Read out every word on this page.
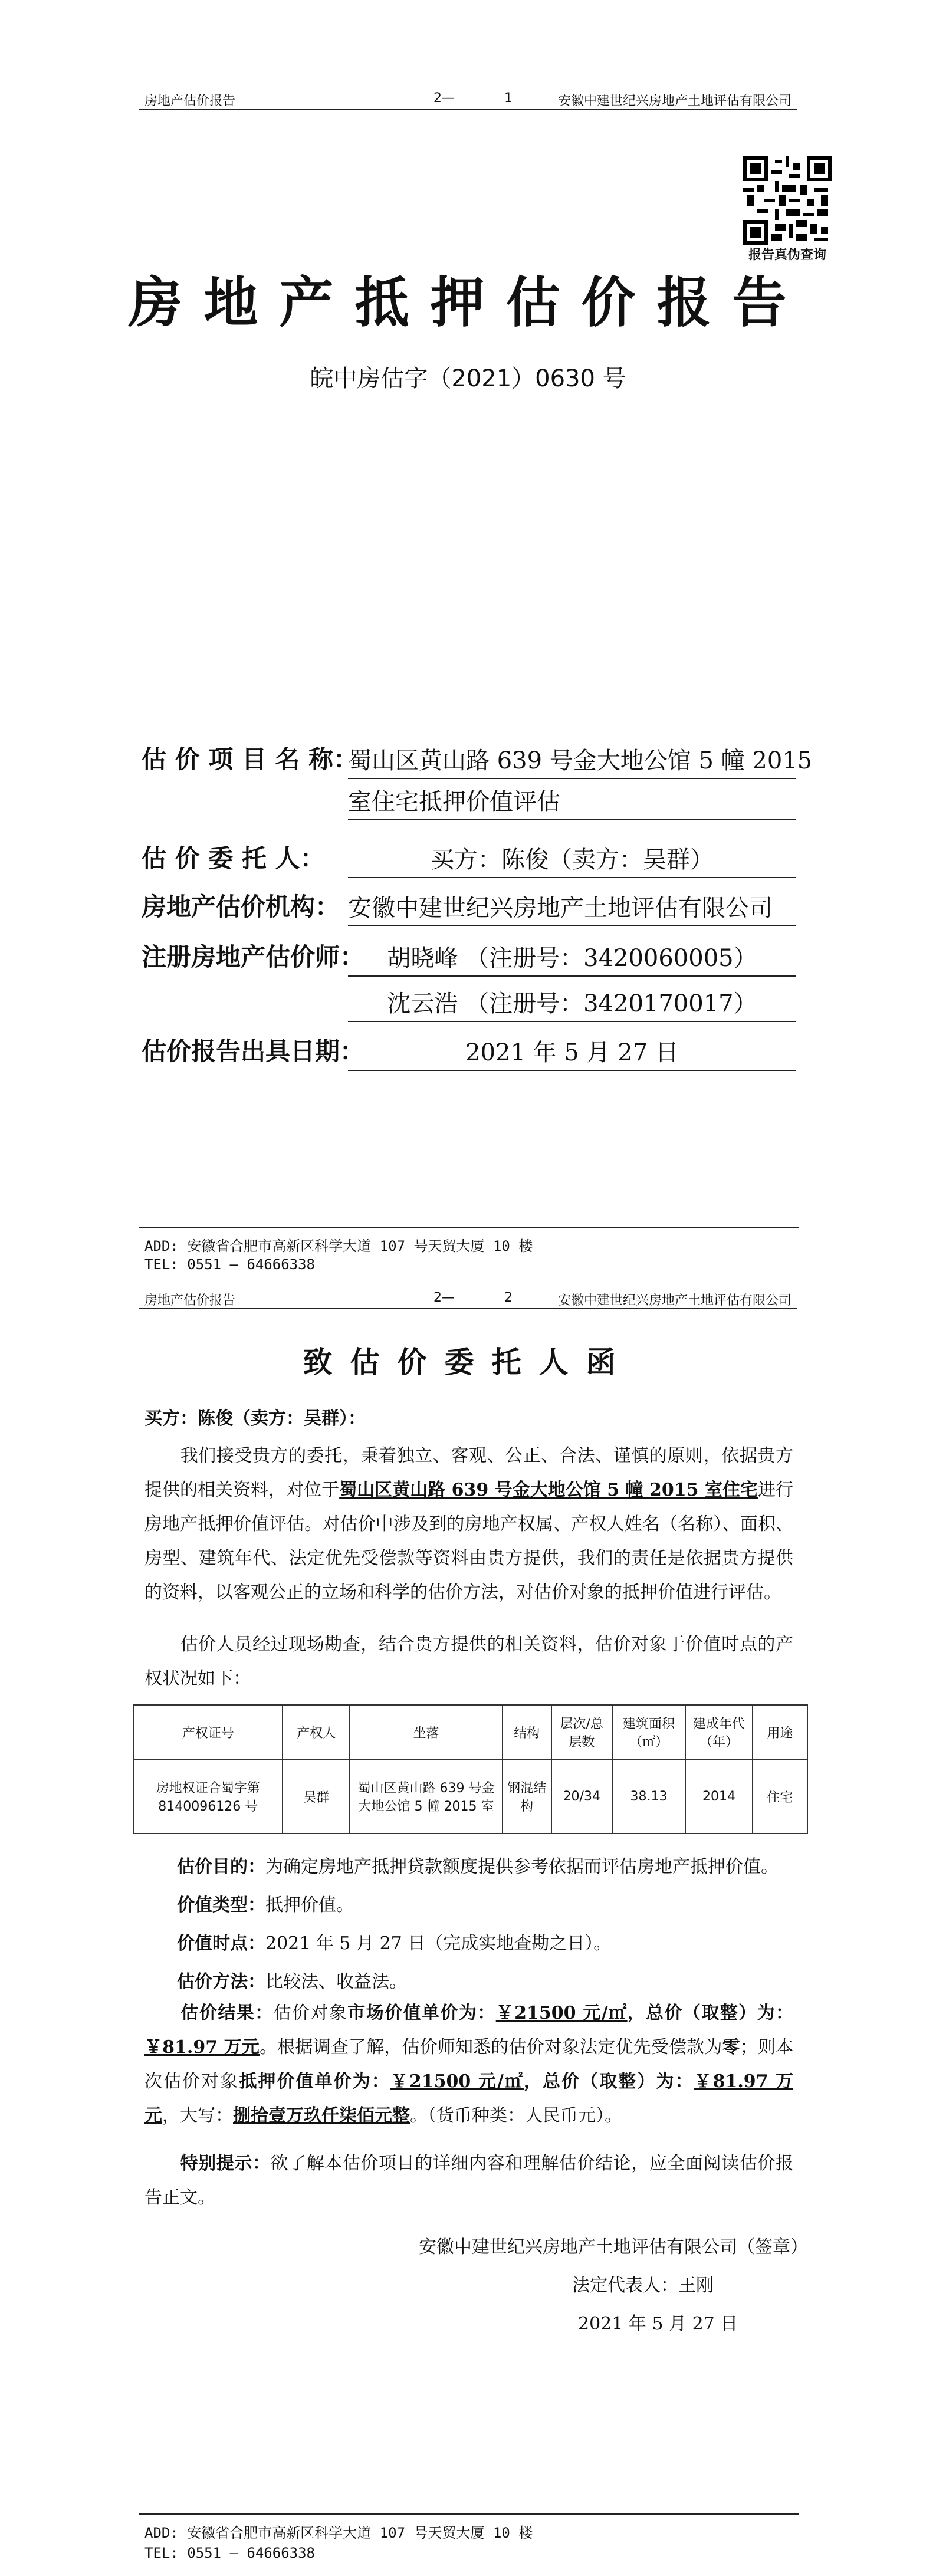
房地产估价报告	2—	1	安徽中建世纪兴房地产土地评估有限公司
报告真伪查询
房地产抵押估价报告
皖中房估字（2021）0630 号
估 价 项 目 名 称：
蜀山区黄山路 639 号金大地公馆 5 幢 2015
室住宅抵押价值评估
估 价 委 托 人：	买方：陈俊（卖方：吴群）
房地产估价机构： 安徽中建世纪兴房地产土地评估有限公司
注册房地产估价师： 胡晓峰 （注册号：3420060005）
沈云浩 （注册号：3420170017）
估价报告出具日期：	2021 年 5 月 27 日
ADD: 安徽省合肥市高新区科学大道 107 号天贸大厦 10 楼
TEL: 0551 — 64666338
房地产估价报告	2—	2	安徽中建世纪兴房地产土地评估有限公司
致估价委托人函
买方：陈俊（卖方：吴群）：
我们接受贵方的委托，秉着独立、客观、公正、合法、谨慎的原则，依据贵方提供的相关资料，对位于蜀山区黄山路 639 号金大地公馆 5 幢 2015 室住宅进行房地产抵押价值评估。对估价中涉及到的房地产权属、产权人姓名（名称）、面积、房型、建筑年代、法定优先受偿款等资料由贵方提供，我们的责任是依据贵方提供的资料，以客观公正的立场和科学的估价方法，对估价对象的抵押价值进行评估。
估价人员经过现场勘查，结合贵方提供的相关资料，估价对象于价值时点的产权状况如下：
产权证号	产权人	坐落	结构	层次/总层数	建筑面积（㎡）	建成年代（年）	用途
房地权证合蜀字第8140096126 号	吴群	蜀山区黄山路 639 号金大地公馆 5 幢 2015 室	钢混结构	20/34	38.13	2014	住宅
估价目的：为确定房地产抵押贷款额度提供参考依据而评估房地产抵押价值。
价值类型：抵押价值。
价值时点：2021 年 5 月 27 日（完成实地查勘之日）。
估价方法：比较法、收益法。
估价结果：估价对象市场价值单价为：￥21500 元/㎡，总价（取整）为：￥81.97 万元。根据调查了解，估价师知悉的估价对象法定优先受偿款为零；则本次估价对象抵押价值单价为：￥21500 元/㎡，总价（取整）为：￥81.97 万元，大写：捌拾壹万玖仟柒佰元整。（货币种类：人民币元）。
特别提示：欲了解本估价项目的详细内容和理解估价结论，应全面阅读估价报告正文。
安徽中建世纪兴房地产土地评估有限公司（签章）
法定代表人：王刚
2021 年 5 月 27 日
ADD: 安徽省合肥市高新区科学大道 107 号天贸大厦 10 楼
TEL: 0551 — 64666338
